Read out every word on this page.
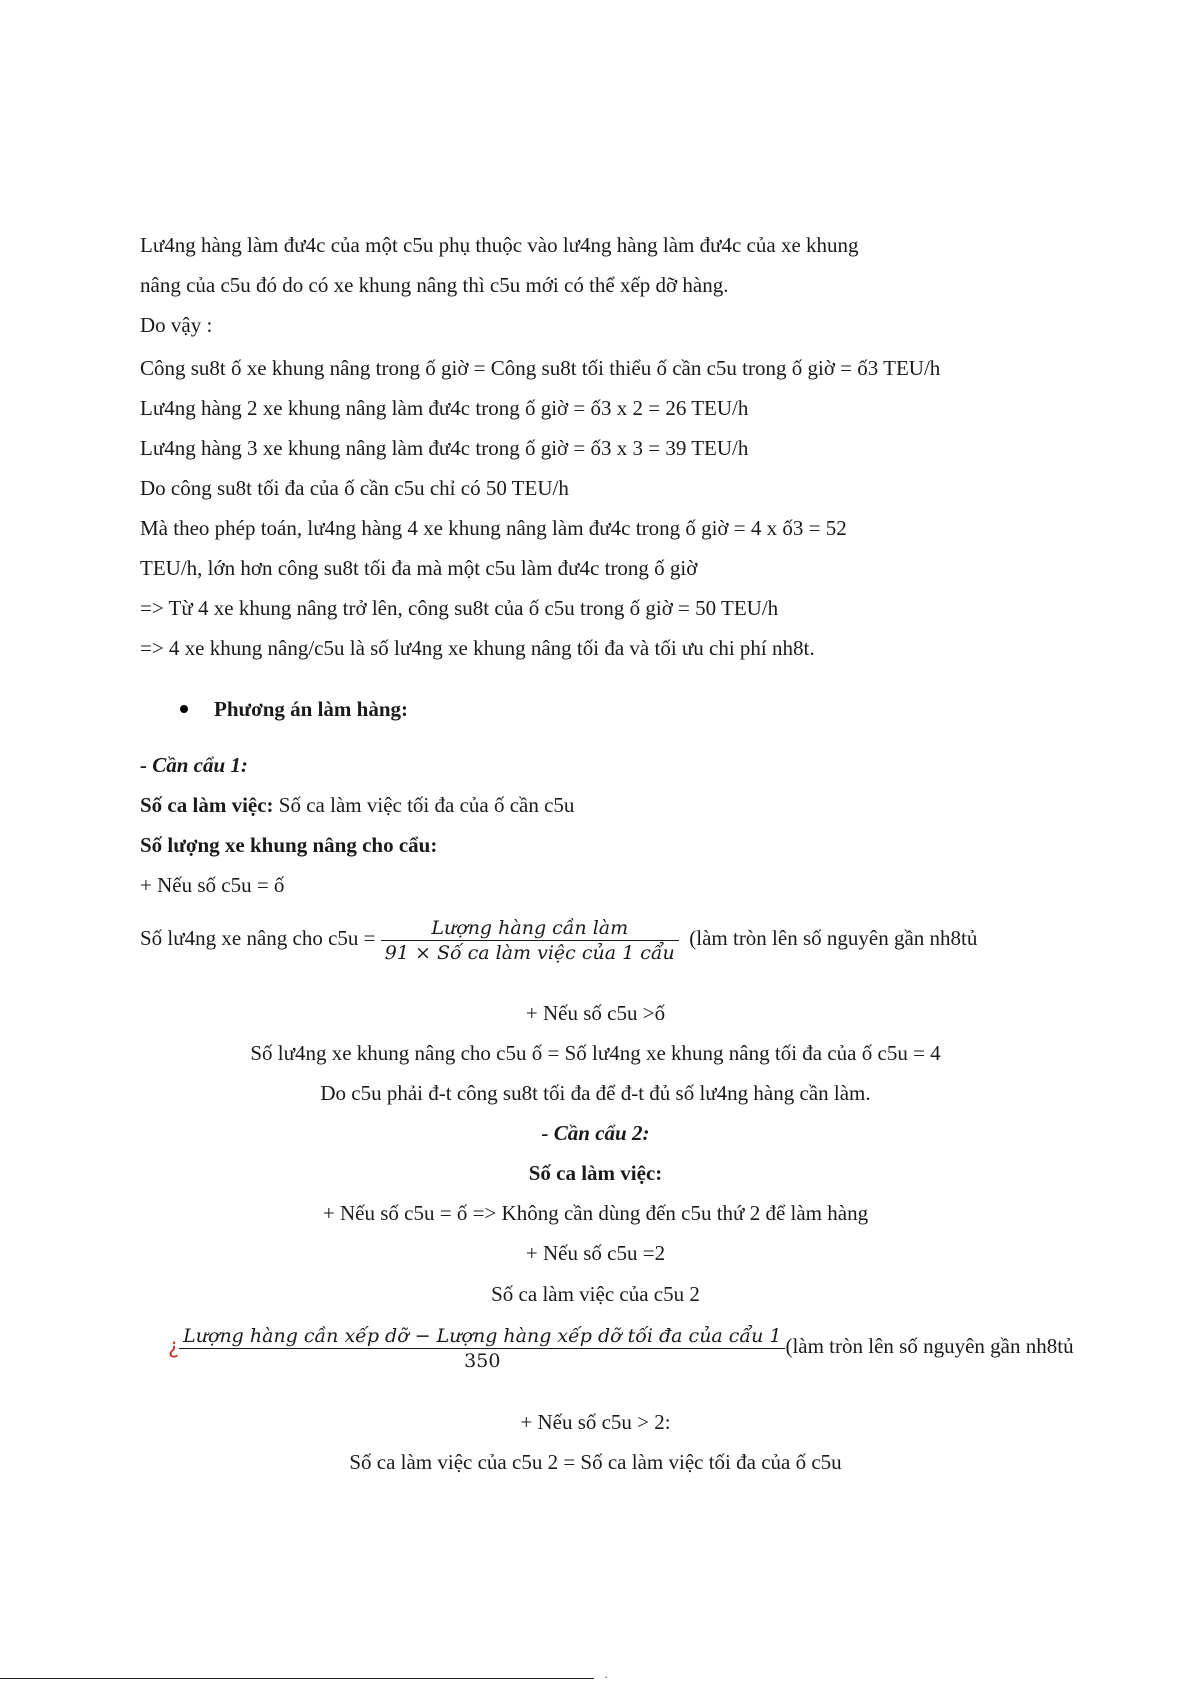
Lư4ng hàng làm đư4c của một c5u phụ thuộc vào lư4ng hàng làm đư4c của xe khung
nâng của c5u đó do có xe khung nâng thì c5u mới có thể xếp dỡ hàng.
Do vậy :
Công su8t ố xe khung nâng trong ố giờ = Công su8t tối thiểu ố cần c5u trong ố giờ = ố3 TEU/h
Lư4ng hàng 2 xe khung nâng làm đư4c trong ố giờ = ố3 x 2 = 26 TEU/h
Lư4ng hàng 3 xe khung nâng làm đư4c trong ố giờ = ố3 x 3 = 39 TEU/h
Do công su8t tối đa của ố cần c5u chỉ có 50 TEU/h
Mà theo phép toán, lư4ng hàng 4 xe khung nâng làm đư4c trong ố giờ = 4 x ố3 = 52
TEU/h, lớn hơn công su8t tối đa mà một c5u làm đư4c trong ố giờ
=> Từ 4 xe khung nâng trở lên, công su8t của ố c5u trong ố giờ = 50 TEU/h
=> 4 xe khung nâng/c5u là số lư4ng xe khung nâng tối đa và tối ưu chi phí nh8t.
Phương án làm hàng:
- Cần cẩu 1:
Số ca làm việc: Số ca làm việc tối đa của ố cần c5u
Số lượng xe khung nâng cho cẩu:
+ Nếu số c5u = ố
Số lư4ng xe nâng cho $c5u = \frac{\text{Lượng hàng cần làm}}{\text{91 × Số ca làm việc của 1 cẩu}}$ (làm tròn lên số nguyên gần nh8tủ
+ Nếu số c5u >ố
Số lư4ng xe khung nâng cho c5u ố = Số lư4ng xe khung nâng tối đa của ố c5u = 4
Do c5u phải đ-t công su8t tối đa để đ-t đủ số lư4ng hàng cần làm.
- Cần cẩu 2:
Số ca làm việc:
+ Nếu số c5u = ố => Không cần dùng đến c5u thứ 2 để làm hàng
+ Nếu số c5u =2
Số ca làm việc của c5u 2
¿ $\frac{\text{Lượng hàng cần xếp dỡ − Lượng hàng xếp dỡ tối đa của cẩu 1}}{350}$ (làm tròn lên số nguyên gần nh8tủ
+ Nếu số c5u > 2:
Số ca làm việc của c5u 2 = Số ca làm việc tối đa của ố c5u
·
